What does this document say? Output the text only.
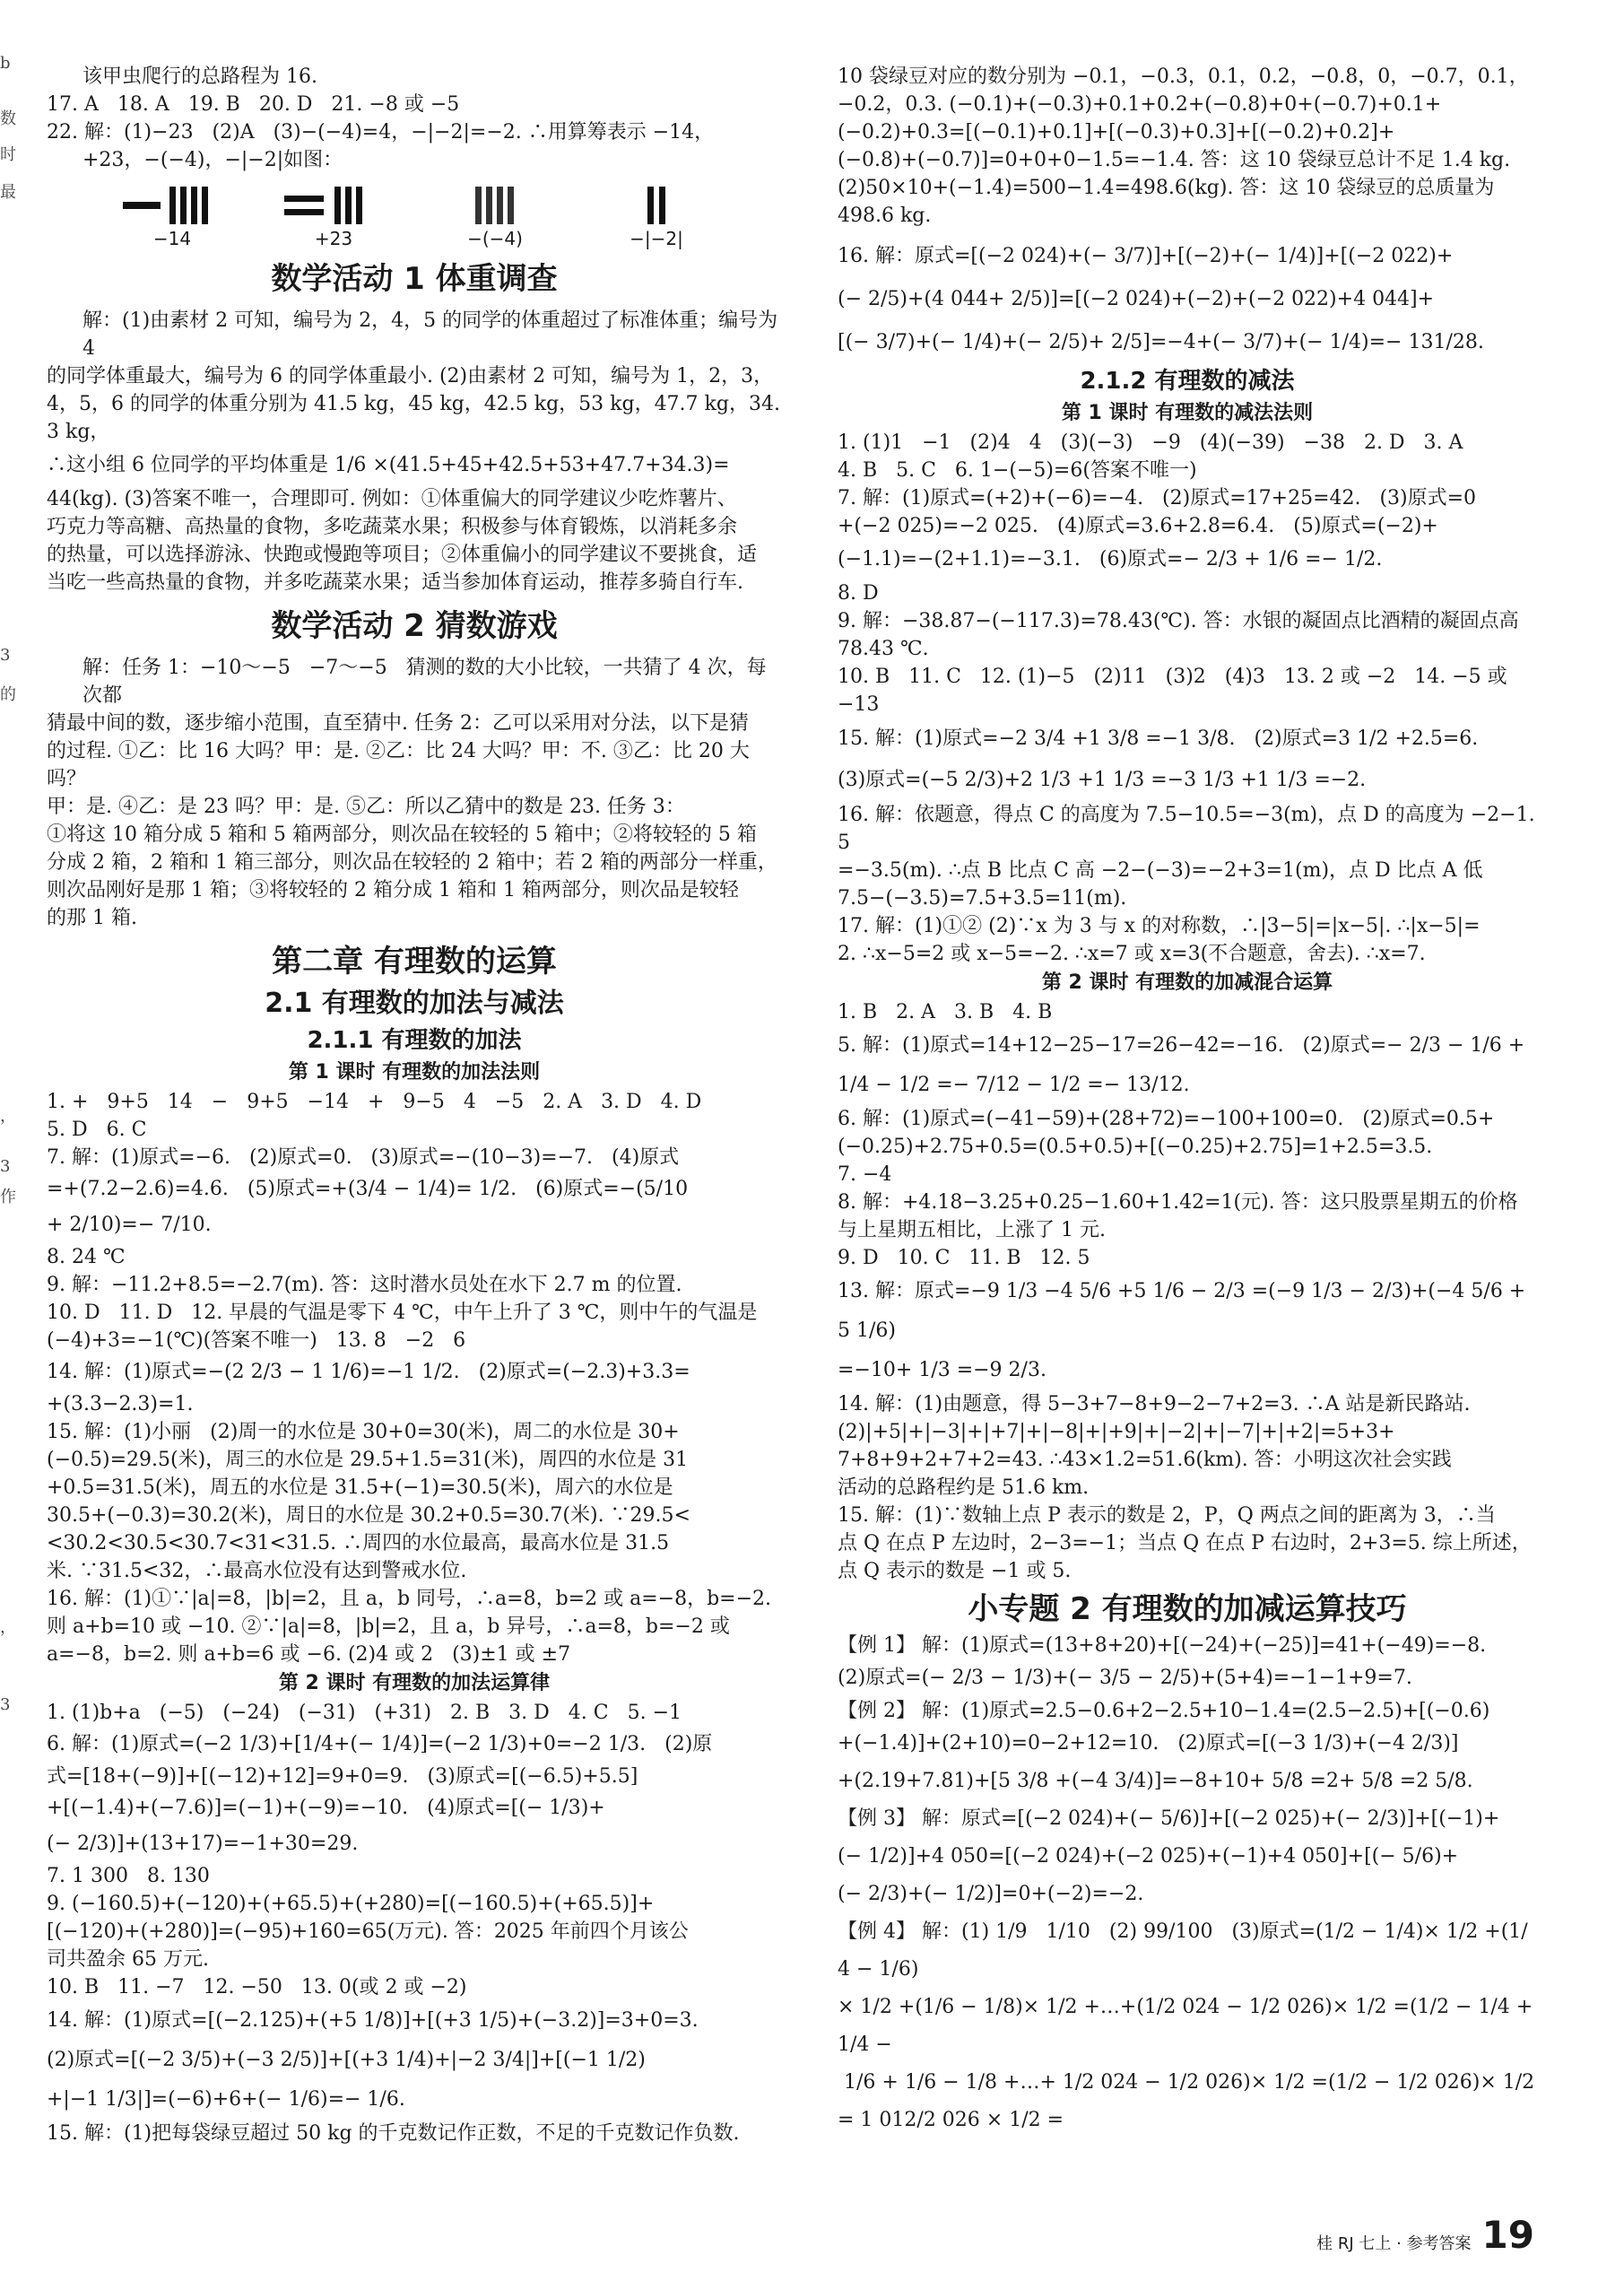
b
数
时
最
3
的
，
3
作
，
3

该甲虫爬行的总路程为 16.

17. A   18. A   19. B   20. D   21. −8 或 −5

22. 解：(1)−23   (2)A   (3)−(−4)=4，−|−2|=−2. ∴用算筹表示 −14，

+23，−(−4)，−|−2|如图：

−14	+23	−(−4)	−|−2|
数学活动 1 体重调查

解：(1)由素材 2 可知，编号为 2，4，5 的同学的体重超过了标准体重；编号为 4

的同学体重最大，编号为 6 的同学体重最小. (2)由素材 2 可知，编号为 1，2，3，

4，5，6 的同学的体重分别为 41.5 kg，45 kg，42.5 kg，53 kg，47.7 kg，34.3 kg，

∴这小组 6 位同学的平均体重是 1/6 ×(41.5+45+42.5+53+47.7+34.3)=

44(kg). (3)答案不唯一，合理即可. 例如：①体重偏大的同学建议少吃炸薯片、

巧克力等高糖、高热量的食物，多吃蔬菜水果；积极参与体育锻炼，以消耗多余

的热量，可以选择游泳、快跑或慢跑等项目；②体重偏小的同学建议不要挑食，适

当吃一些高热量的食物，并多吃蔬菜水果；适当参加体育运动，推荐多骑自行车.

数学活动 2 猜数游戏

解：任务 1：−10～−5   −7～−5   猜测的数的大小比较，一共猜了 4 次，每次都

猜最中间的数，逐步缩小范围，直至猜中. 任务 2：乙可以采用对分法，以下是猜

的过程. ①乙：比 16 大吗？甲：是. ②乙：比 24 大吗？甲：不. ③乙：比 20 大吗？

甲：是. ④乙：是 23 吗？甲：是. ⑤乙：所以乙猜中的数是 23. 任务 3：

①将这 10 箱分成 5 箱和 5 箱两部分，则次品在较轻的 5 箱中；②将较轻的 5 箱

分成 2 箱，2 箱和 1 箱三部分，则次品在较轻的 2 箱中；若 2 箱的两部分一样重，

则次品刚好是那 1 箱；③将较轻的 2 箱分成 1 箱和 1 箱两部分，则次品是较轻

的那 1 箱.

第二章 有理数的运算
2.1 有理数的加法与减法
2.1.1 有理数的加法
第 1 课时 有理数的加法法则

1. +   9+5   14   −   9+5   −14   +   9−5   4   −5   2. A   3. D   4. D

5. D   6. C

7. 解：(1)原式=−6.   (2)原式=0.   (3)原式=−(10−3)=−7.   (4)原式

=+(7.2−2.6)=4.6.   (5)原式=+(3/4 − 1/4)= 1/2.   (6)原式=−(5/10

+ 2/10)=− 7/10.

8. 24 ℃

9. 解：−11.2+8.5=−2.7(m). 答：这时潜水员处在水下 2.7 m 的位置.

10. D   11. D   12. 早晨的气温是零下 4 ℃，中午上升了 3 ℃，则中午的气温是

(−4)+3=−1(℃)(答案不唯一)   13. 8   −2   6

14. 解：(1)原式=−(2 2/3 − 1 1/6)=−1 1/2.   (2)原式=(−2.3)+3.3=

+(3.3−2.3)=1.

15. 解：(1)小丽   (2)周一的水位是 30+0=30(米)，周二的水位是 30+

(−0.5)=29.5(米)，周三的水位是 29.5+1.5=31(米)，周四的水位是 31

+0.5=31.5(米)，周五的水位是 31.5+(−1)=30.5(米)，周六的水位是

30.5+(−0.3)=30.2(米)，周日的水位是 30.2+0.5=30.7(米). ∵29.5<

<30.2<30.5<30.7<31<31.5. ∴周四的水位最高，最高水位是 31.5

米. ∵31.5<32，∴最高水位没有达到警戒水位.

16. 解：(1)①∵|a|=8，|b|=2，且 a，b 同号，∴a=8，b=2 或 a=−8，b=−2.

则 a+b=10 或 −10. ②∵|a|=8，|b|=2，且 a，b 异号，∴a=8，b=−2 或

a=−8，b=2. 则 a+b=6 或 −6. (2)4 或 2   (3)±1 或 ±7

第 2 课时 有理数的加法运算律

1. (1)b+a   (−5)   (−24)   (−31)   (+31)   2. B   3. D   4. C   5. −1

6. 解：(1)原式=(−2 1/3)+[1/4+(− 1/4)]=(−2 1/3)+0=−2 1/3.   (2)原

式=[18+(−9)]+[(−12)+12]=9+0=9.   (3)原式=[(−6.5)+5.5]

+[(−1.4)+(−7.6)]=(−1)+(−9)=−10.   (4)原式=[(− 1/3)+

(− 2/3)]+(13+17)=−1+30=29.

7. 1 300   8. 130

9. (−160.5)+(−120)+(+65.5)+(+280)=[(−160.5)+(+65.5)]+

[(−120)+(+280)]=(−95)+160=65(万元). 答：2025 年前四个月该公

司共盈余 65 万元.

10. B   11. −7   12. −50   13. 0(或 2 或 −2)

14. 解：(1)原式=[(−2.125)+(+5 1/8)]+[(+3 1/5)+(−3.2)]=3+0=3.

(2)原式=[(−2 3/5)+(−3 2/5)]+[(+3 1/4)+|−2 3/4|]+[(−1 1/2)

+|−1 1/3|]=(−6)+6+(− 1/6)=− 1/6.

15. 解：(1)把每袋绿豆超过 50 kg 的千克数记作正数，不足的千克数记作负数.

10 袋绿豆对应的数分别为 −0.1，−0.3，0.1，0.2，−0.8，0，−0.7，0.1，

−0.2，0.3. (−0.1)+(−0.3)+0.1+0.2+(−0.8)+0+(−0.7)+0.1+

(−0.2)+0.3=[(−0.1)+0.1]+[(−0.3)+0.3]+[(−0.2)+0.2]+

(−0.8)+(−0.7)]=0+0+0−1.5=−1.4. 答：这 10 袋绿豆总计不足 1.4 kg.

(2)50×10+(−1.4)=500−1.4=498.6(kg). 答：这 10 袋绿豆的总质量为

498.6 kg.

16. 解：原式=[(−2 024)+(− 3/7)]+[(−2)+(− 1/4)]+[(−2 022)+

(− 2/5)+(4 044+ 2/5)]=[(−2 024)+(−2)+(−2 022)+4 044]+

[(− 3/7)+(− 1/4)+(− 2/5)+ 2/5]=−4+(− 3/7)+(− 1/4)=− 131/28.

2.1.2 有理数的减法
第 1 课时 有理数的减法法则

1. (1)1   −1   (2)4   4   (3)(−3)   −9   (4)(−39)   −38   2. D   3. A

4. B   5. C   6. 1−(−5)=6(答案不唯一)

7. 解：(1)原式=(+2)+(−6)=−4.   (2)原式=17+25=42.   (3)原式=0

+(−2 025)=−2 025.   (4)原式=3.6+2.8=6.4.   (5)原式=(−2)+

(−1.1)=−(2+1.1)=−3.1.   (6)原式=− 2/3 + 1/6 =− 1/2.

8. D

9. 解：−38.87−(−117.3)=78.43(℃). 答：水银的凝固点比酒精的凝固点高

78.43 ℃.

10. B   11. C   12. (1)−5   (2)11   (3)2   (4)3   13. 2 或 −2   14. −5 或 −13

15. 解：(1)原式=−2 3/4 +1 3/8 =−1 3/8.   (2)原式=3 1/2 +2.5=6.

(3)原式=(−5 2/3)+2 1/3 +1 1/3 =−3 1/3 +1 1/3 =−2.

16. 解：依题意，得点 C 的高度为 7.5−10.5=−3(m)，点 D 的高度为 −2−1.5

=−3.5(m). ∴点 B 比点 C 高 −2−(−3)=−2+3=1(m)，点 D 比点 A 低

7.5−(−3.5)=7.5+3.5=11(m).

17. 解：(1)①② (2)∵x 为 3 与 x 的对称数，∴|3−5|=|x−5|. ∴|x−5|=

2. ∴x−5=2 或 x−5=−2. ∴x=7 或 x=3(不合题意，舍去). ∴x=7.

第 2 课时 有理数的加减混合运算

1. B   2. A   3. B   4. B

5. 解：(1)原式=14+12−25−17=26−42=−16.   (2)原式=− 2/3 − 1/6 +

1/4 − 1/2 =− 7/12 − 1/2 =− 13/12.

6. 解：(1)原式=(−41−59)+(28+72)=−100+100=0.   (2)原式=0.5+

(−0.25)+2.75+0.5=(0.5+0.5)+[(−0.25)+2.75]=1+2.5=3.5.

7. −4

8. 解：+4.18−3.25+0.25−1.60+1.42=1(元). 答：这只股票星期五的价格

与上星期五相比，上涨了 1 元.

9. D   10. C   11. B   12. 5

13. 解：原式=−9 1/3 −4 5/6 +5 1/6 − 2/3 =(−9 1/3 − 2/3)+(−4 5/6 +5 1/6)

=−10+ 1/3 =−9 2/3.

14. 解：(1)由题意，得 5−3+7−8+9−2−7+2=3. ∴A 站是新民路站.

(2)|+5|+|−3|+|+7|+|−8|+|+9|+|−2|+|−7|+|+2|=5+3+

7+8+9+2+7+2=43. ∴43×1.2=51.6(km). 答：小明这次社会实践

活动的总路程约是 51.6 km.

15. 解：(1)∵数轴上点 P 表示的数是 2，P，Q 两点之间的距离为 3，∴当

点 Q 在点 P 左边时，2−3=−1；当点 Q 在点 P 右边时，2+3=5. 综上所述，

点 Q 表示的数是 −1 或 5.

小专题 2 有理数的加减运算技巧

【例 1】 解：(1)原式=(13+8+20)+[(−24)+(−25)]=41+(−49)=−8.

(2)原式=(− 2/3 − 1/3)+(− 3/5 − 2/5)+(5+4)=−1−1+9=7.

【例 2】 解：(1)原式=2.5−0.6+2−2.5+10−1.4=(2.5−2.5)+[(−0.6)

+(−1.4)]+(2+10)=0−2+12=10.   (2)原式=[(−3 1/3)+(−4 2/3)]

+(2.19+7.81)+[5 3/8 +(−4 3/4)]=−8+10+ 5/8 =2+ 5/8 =2 5/8.

【例 3】 解：原式=[(−2 024)+(− 5/6)]+[(−2 025)+(− 2/3)]+[(−1)+

(− 1/2)]+4 050=[(−2 024)+(−2 025)+(−1)+4 050]+[(− 5/6)+

(− 2/3)+(− 1/2)]=0+(−2)=−2.

【例 4】 解：(1) 1/9   1/10   (2) 99/100   (3)原式=(1/2 − 1/4)× 1/2 +(1/4 − 1/6)

× 1/2 +(1/6 − 1/8)× 1/2 +…+(1/2 024 − 1/2 026)× 1/2 =(1/2 − 1/4 + 1/4 −

1/6 + 1/6 − 1/8 +…+ 1/2 024 − 1/2 026)× 1/2 =(1/2 − 1/2 026)× 1/2 = 1 012/2 026 × 1/2 =

桂 RJ 七上 · 参考答案 19
